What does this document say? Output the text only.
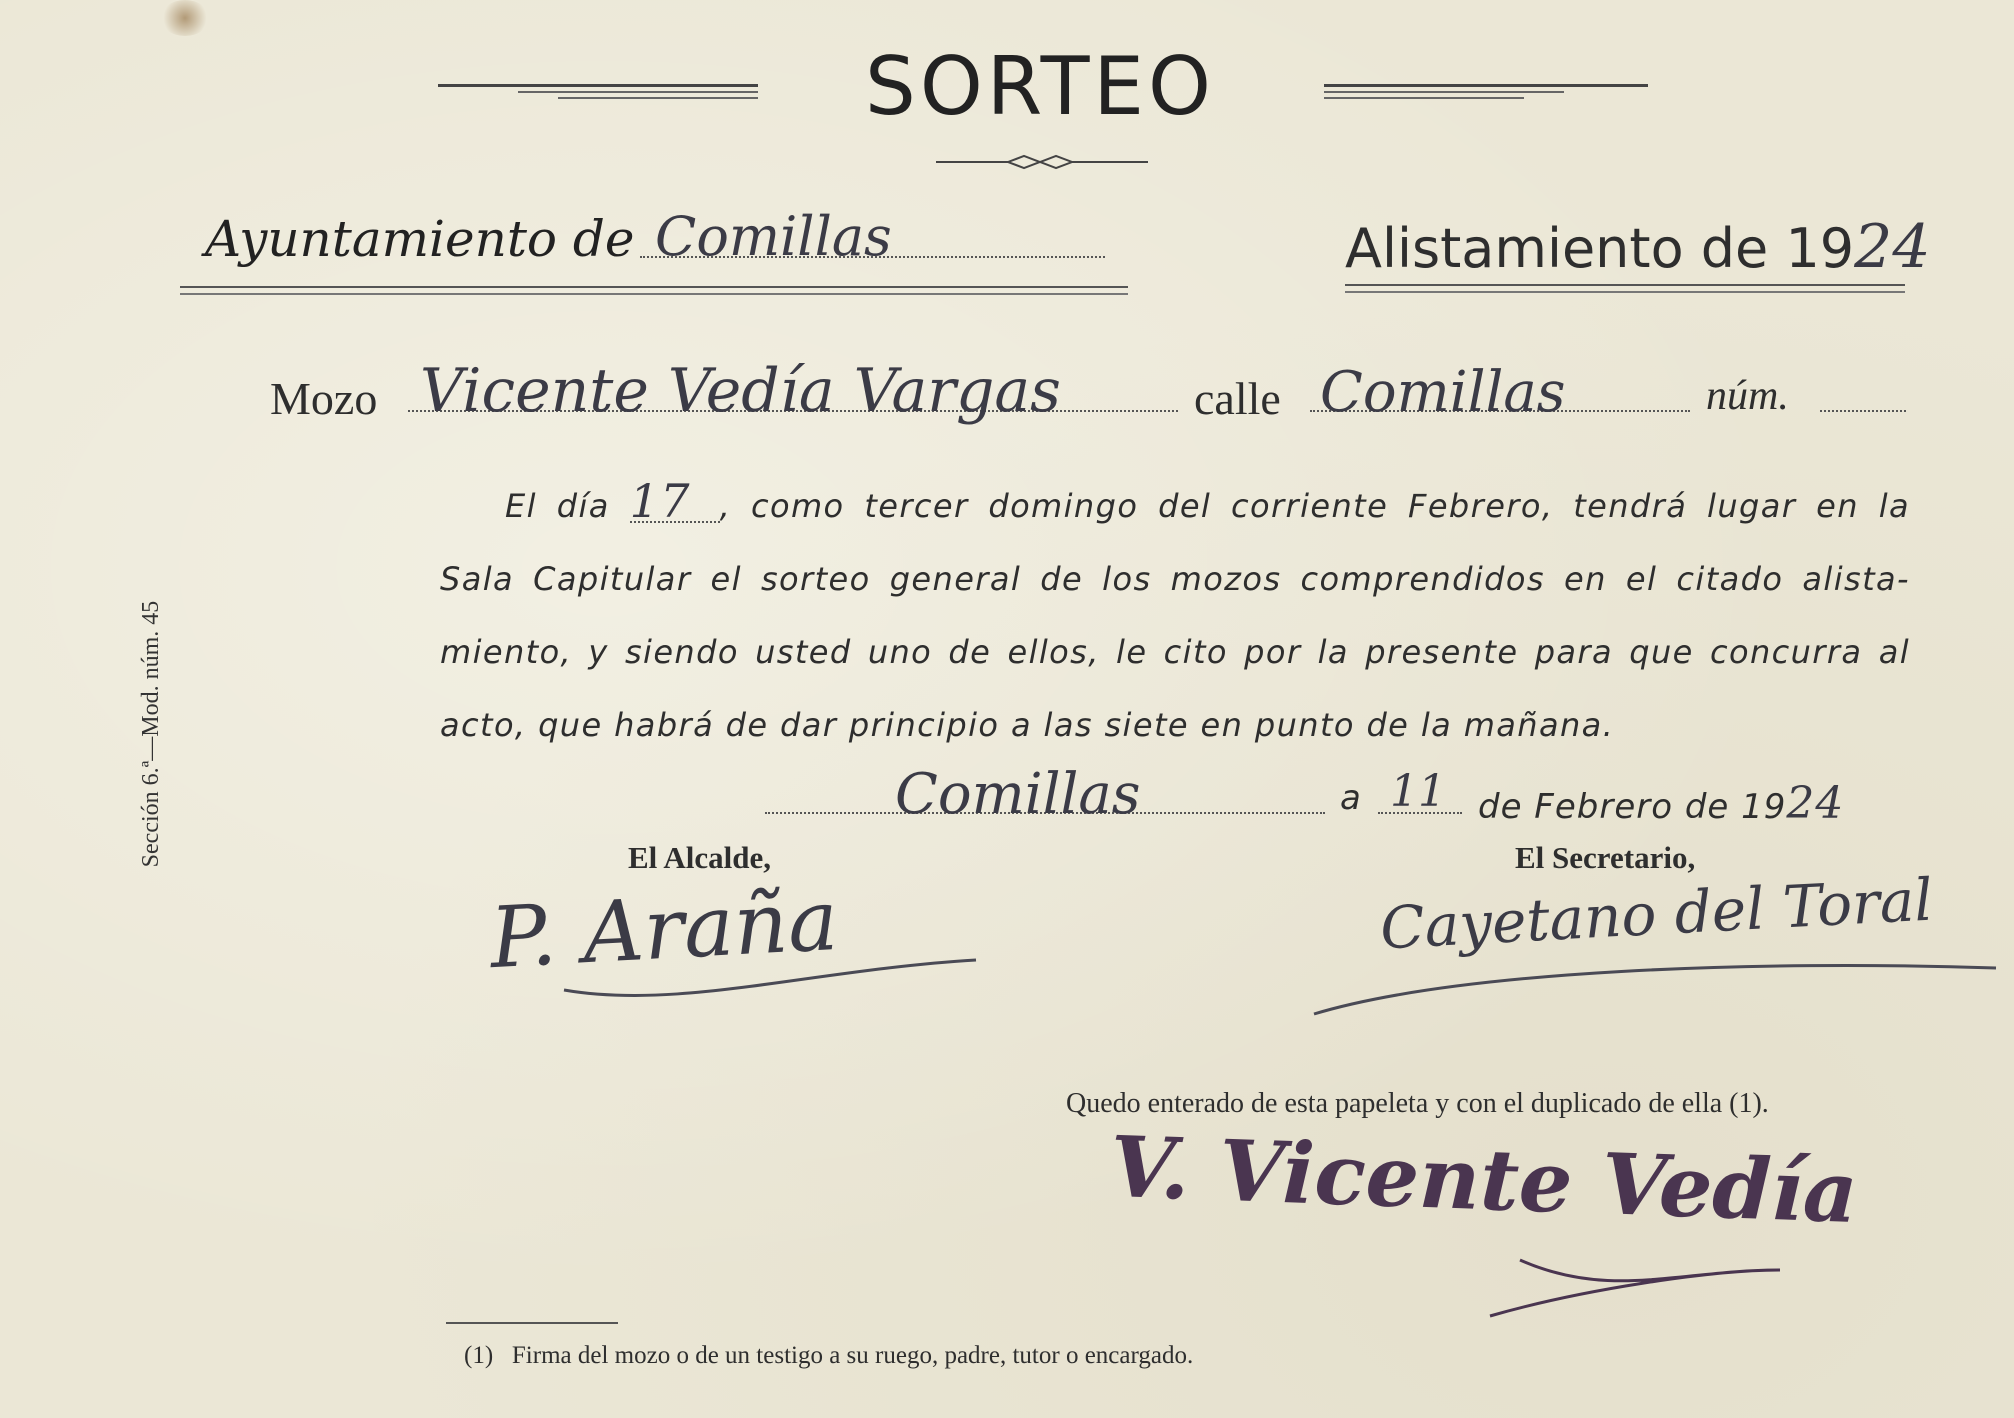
SORTEO
Ayuntamiento de Comillas	Alistamiento de 1924
Mozo Vicente Vedía Vargas	calle Comillas	núm.
El día 17 , como tercer domingo del corriente Febrero, tendrá lugar en la
Sala Capitular el sorteo general de los mozos comprendidos en el citado alista-
miento, y siendo usted uno de ellos, le cito por la presente para que concurra al
acto, que habrá de dar principio a las siete en punto de la mañana.
Comillas	a 11 de Febrero de 1924
El Alcalde,
P. Araña
El Secretario,
Cayetano del Toral
Sección 6.ª—Mod. núm. 45
Quedo enterado de esta papeleta y con el duplicado de ella (1).
V. Vicente Vedía
(1)   Firma del mozo o de un testigo a su ruego, padre, tutor o encargado.
